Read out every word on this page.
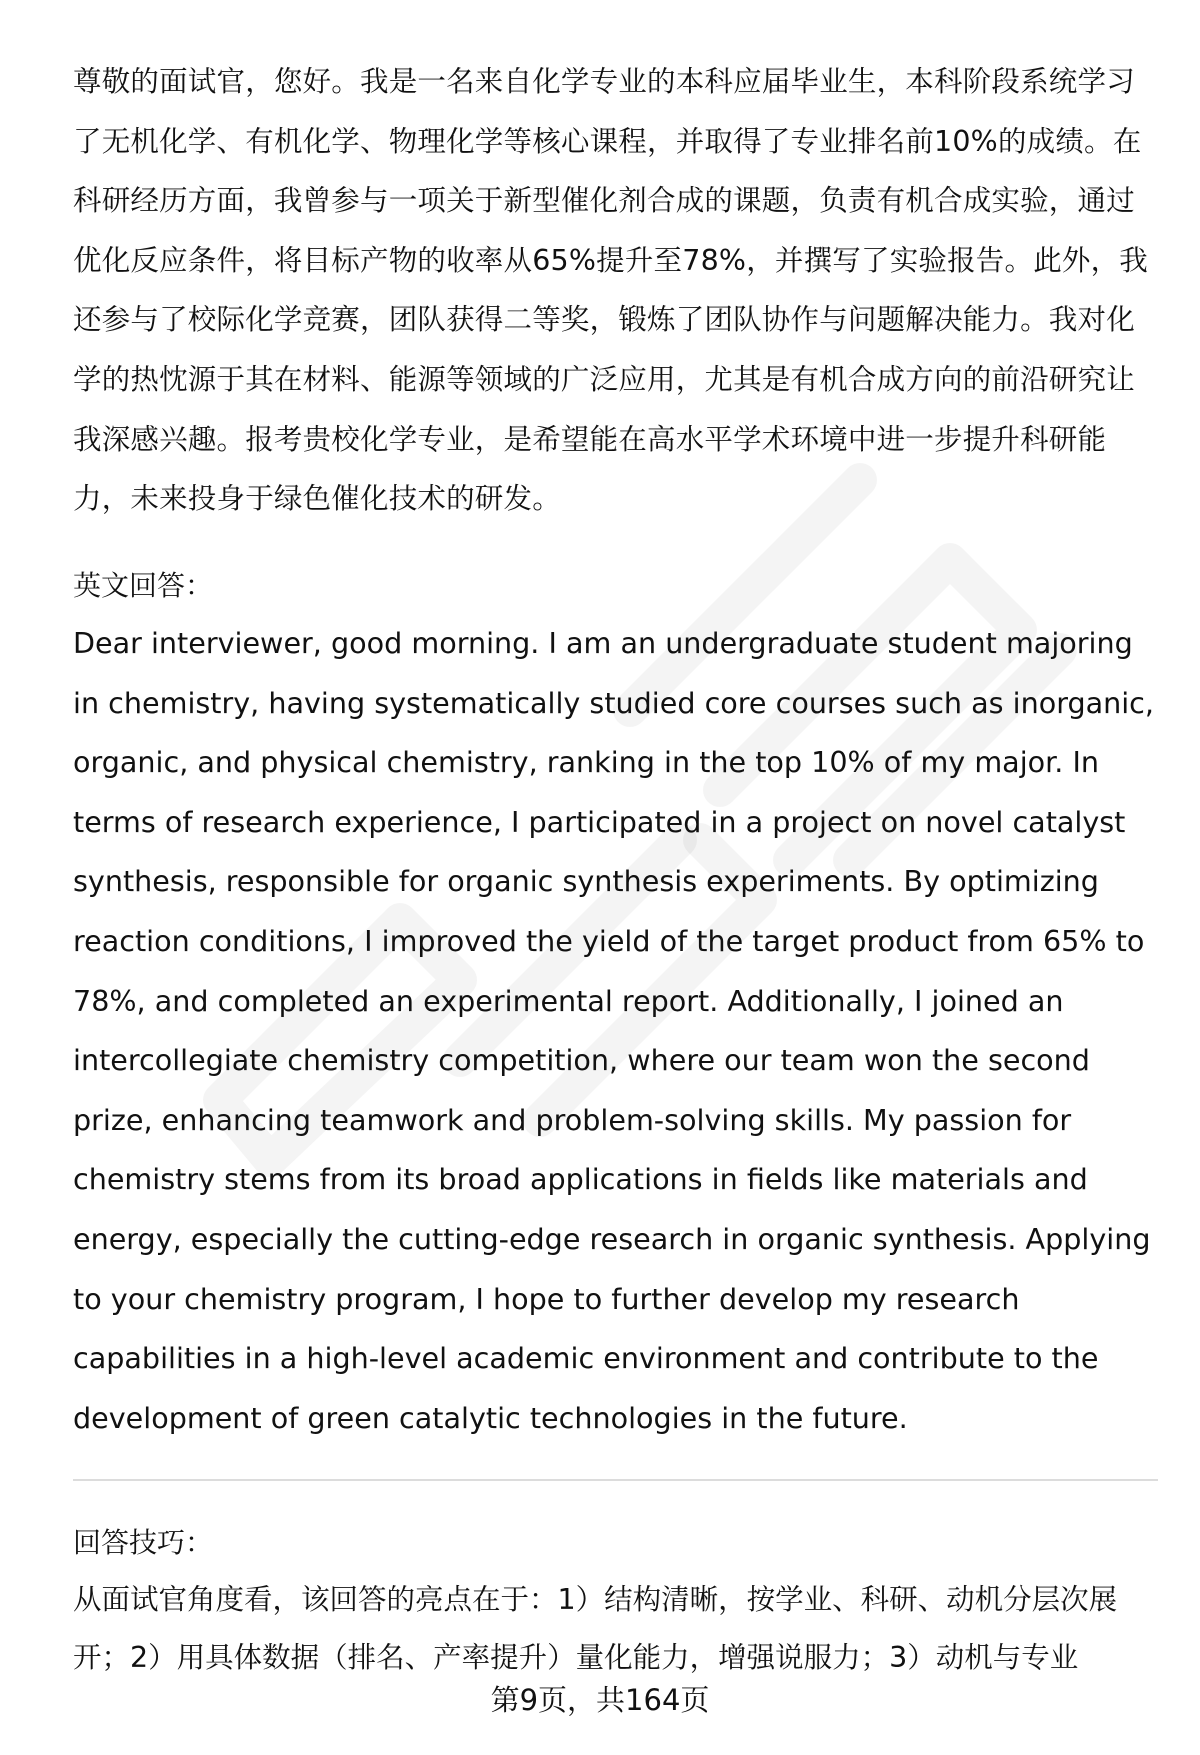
尊敬的面试官，您好。我是一名来自化学专业的本科应届毕业生，本科阶段系统学习了无机化学、有机化学、物理化学等核心课程，并取得了专业排名前10%的成绩。在科研经历方面，我曾参与一项关于新型催化剂合成的课题，负责有机合成实验，通过优化反应条件，将目标产物的收率从65%提升至78%，并撰写了实验报告。此外，我还参与了校际化学竞赛，团队获得二等奖，锻炼了团队协作与问题解决能力。我对化学的热忱源于其在材料、能源等领域的广泛应用，尤其是有机合成方向的前沿研究让我深感兴趣。报考贵校化学专业，是希望能在高水平学术环境中进一步提升科研能力，未来投身于绿色催化技术的研发。

英文回答：

Dear interviewer, good morning. I am an undergraduate student majoring in chemistry, having systematically studied core courses such as inorganic, organic, and physical chemistry, ranking in the top 10% of my major. In terms of research experience, I participated in a project on novel catalyst synthesis, responsible for organic synthesis experiments. By optimizing reaction conditions, I improved the yield of the target product from 65% to 78%, and completed an experimental report. Additionally, I joined an intercollegiate chemistry competition, where our team won the second prize, enhancing teamwork and problem-solving skills. My passion for chemistry stems from its broad applications in fields like materials and energy, especially the cutting-edge research in organic synthesis. Applying to your chemistry program, I hope to further develop my research capabilities in a high-level academic environment and contribute to the development of green catalytic technologies in the future.

回答技巧：

从面试官角度看，该回答的亮点在于：1）结构清晰，按学业、科研、动机分层次展开；2）用具体数据（排名、产率提升）量化能力，增强说服力；3）动机与专业

第9页，共164页
